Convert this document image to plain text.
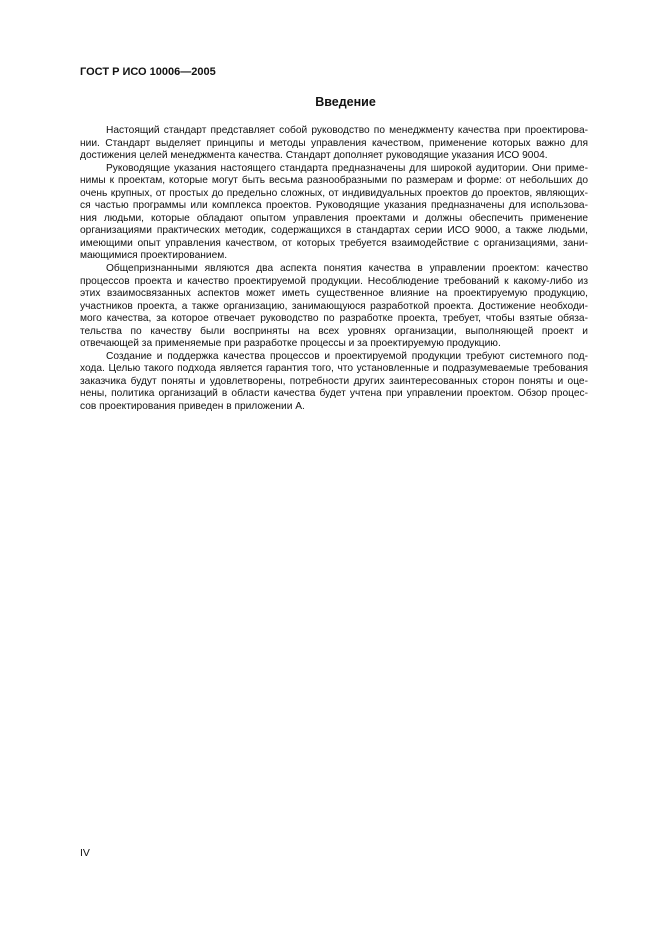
ГОСТ Р ИСО 10006—2005
Введение
Настоящий стандарт представляет собой руководство по менеджменту качества при проектирова-
нии. Стандарт выделяет принципы и методы управления качеством, применение которых важно для
достижения целей менеджмента качества. Стандарт дополняет руководящие указания ИСО 9004.
Руководящие указания настоящего стандарта предназначены для широкой аудитории. Они приме-
нимы к проектам, которые могут быть весьма разнообразными по размерам и форме: от небольших до
очень крупных, от простых до предельно сложных, от индивидуальных проектов до проектов, являющих-
ся частью программы или комплекса проектов. Руководящие указания предназначены для использова-
ния людьми, которые обладают опытом управления проектами и должны обеспечить применение
организациями практических методик, содержащихся в стандартах серии ИСО 9000, а также людьми,
имеющими опыт управления качеством, от которых требуется взаимодействие с организациями, зани-
мающимися проектированием.
Общепризнанными являются два аспекта понятия качества в управлении проектом: качество
процессов проекта и качество проектируемой продукции. Несоблюдение требований к какому-либо из
этих взаимосвязанных аспектов может иметь существенное влияние на проектируемую продукцию,
участников проекта, а также организацию, занимающуюся разработкой проекта. Достижение необходи-
мого качества, за которое отвечает руководство по разработке проекта, требует, чтобы взятые обяза-
тельства по качеству были восприняты на всех уровнях организации, выполняющей проект и
отвечающей за применяемые при разработке процессы и за проектируемую продукцию.
Создание и поддержка качества процессов и проектируемой продукции требуют системного под-
хода. Целью такого подхода является гарантия того, что установленные и подразумеваемые требования
заказчика будут поняты и удовлетворены, потребности других заинтересованных сторон поняты и оце-
нены, политика организаций в области качества будет учтена при управлении проектом. Обзор процес-
сов проектирования приведен в приложении А.
IV
